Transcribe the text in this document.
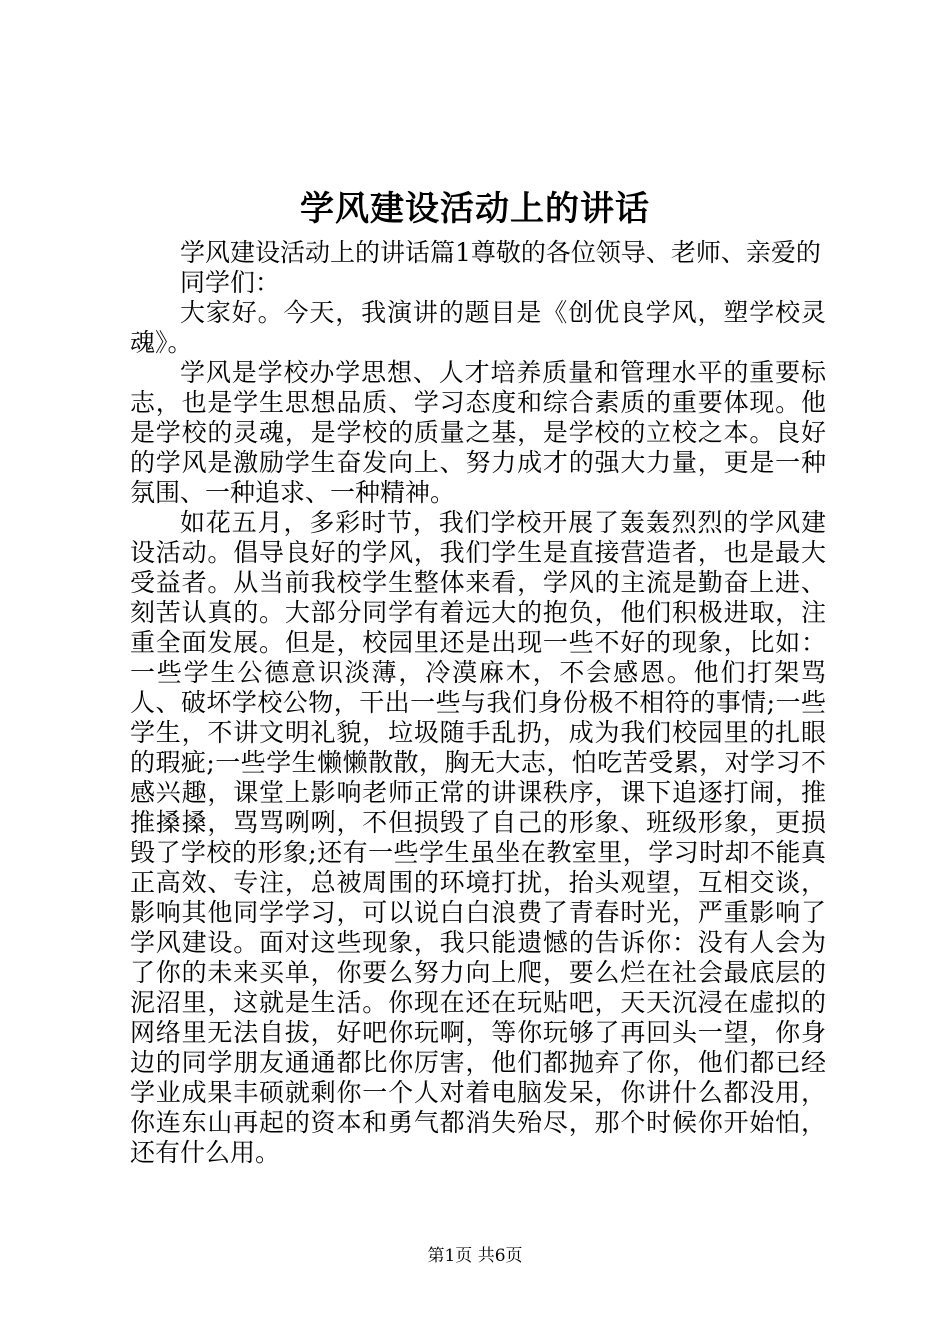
学风建设活动上的讲话

学风建设活动上的讲话篇1尊敬的各位领导、老师、亲爱的

同学们：

大家好。今天，我演讲的题目是《创优良学风，塑学校灵魂》。

学风是学校办学思想、人才培养质量和管理水平的重要标志，也是学生思想品质、学习态度和综合素质的重要体现。他是学校的灵魂，是学校的质量之基，是学校的立校之本。良好的学风是激励学生奋发向上、努力成才的强大力量，更是一种氛围、一种追求、一种精神。

如花五月，多彩时节，我们学校开展了轰轰烈烈的学风建设活动。倡导良好的学风，我们学生是直接营造者，也是最大受益者。从当前我校学生整体来看，学风的主流是勤奋上进、刻苦认真的。大部分同学有着远大的抱负，他们积极进取，注重全面发展。但是，校园里还是出现一些不好的现象，比如：一些学生公德意识淡薄，冷漠麻木，不会感恩。他们打架骂人、破坏学校公物，干出一些与我们身份极不相符的事情;一些学生，不讲文明礼貌，垃圾随手乱扔，成为我们校园里的扎眼的瑕疵;一些学生懒懒散散，胸无大志，怕吃苦受累，对学习不感兴趣，课堂上影响老师正常的讲课秩序，课下追逐打闹，推推搡搡，骂骂咧咧，不但损毁了自己的形象、班级形象，更损毁了学校的形象;还有一些学生虽坐在教室里，学习时却不能真正高效、专注，总被周围的环境打扰，抬头观望，互相交谈，影响其他同学学习，可以说白白浪费了青春时光，严重影响了学风建设。面对这些现象，我只能遗憾的告诉你：没有人会为了你的未来买单，你要么努力向上爬，要么烂在社会最底层的泥沼里，这就是生活。你现在还在玩贴吧，天天沉浸在虚拟的网络里无法自拔，好吧你玩啊，等你玩够了再回头一望，你身边的同学朋友通通都比你厉害，他们都抛弃了你，他们都已经学业成果丰硕就剩你一个人对着电脑发呆，你讲什么都没用，你连东山再起的资本和勇气都消失殆尽，那个时候你开始怕，还有什么用。

第1页 共6页
